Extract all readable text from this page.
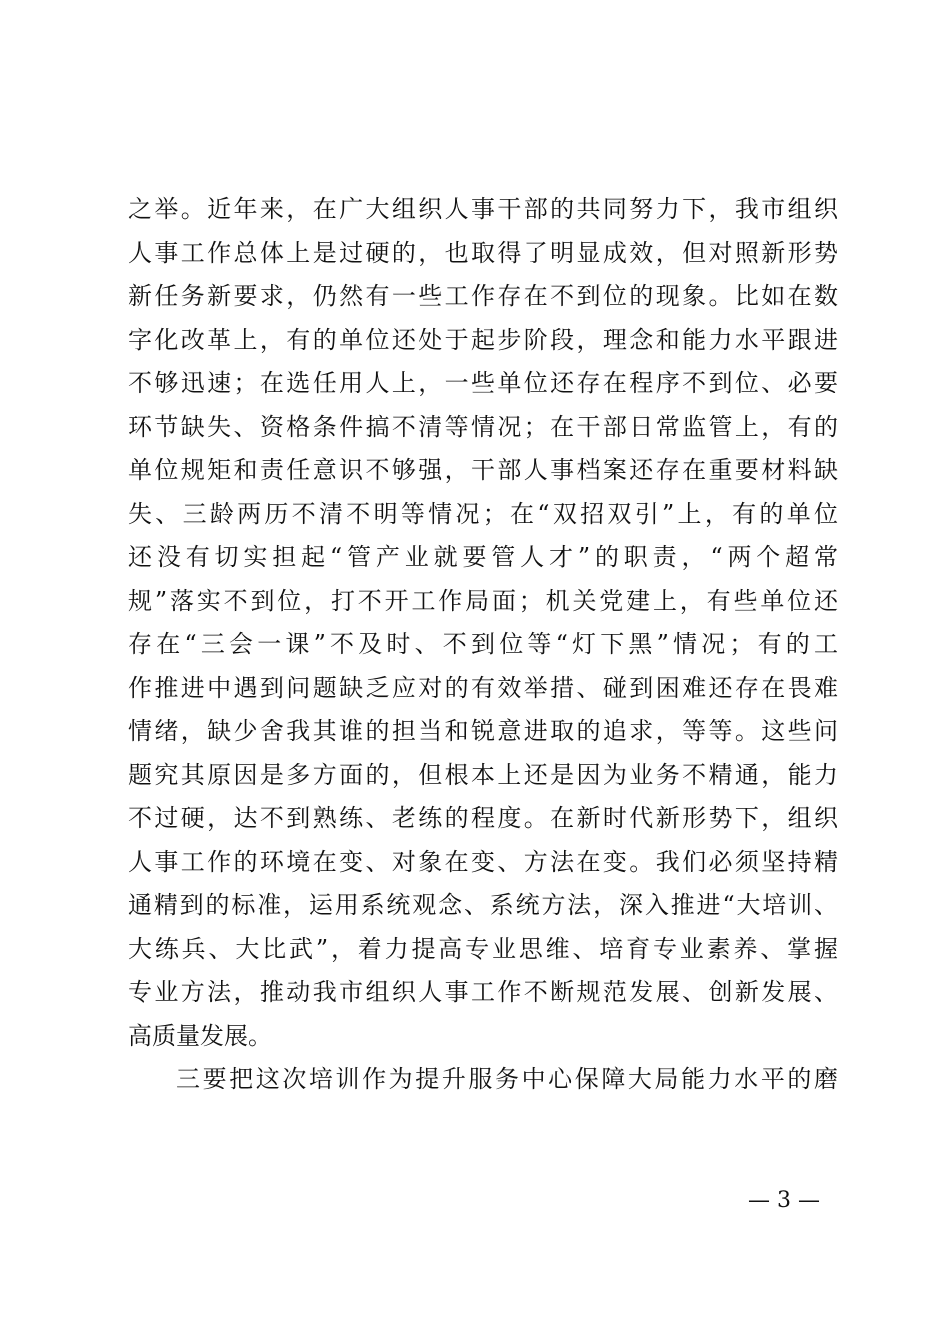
之举。近年来，在广大组织人事干部的共同努力下，我市组织
人事工作总体上是过硬的，也取得了明显成效，但对照新形势
新任务新要求，仍然有一些工作存在不到位的现象。比如在数
字化改革上，有的单位还处于起步阶段，理念和能力水平跟进
不够迅速；在选任用人上，一些单位还存在程序不到位、必要
环节缺失、资格条件搞不清等情况；在干部日常监管上，有的
单位规矩和责任意识不够强，干部人事档案还存在重要材料缺
失、三龄两历不清不明等情况；在“双招双引”上，有的单位
还没有切实担起“管产业就要管人才”的职责，“两个超常
规”落实不到位，打不开工作局面；机关党建上，有些单位还
存在“三会一课”不及时、不到位等“灯下黑”情况；有的工
作推进中遇到问题缺乏应对的有效举措、碰到困难还存在畏难
情绪，缺少舍我其谁的担当和锐意进取的追求，等等。这些问
题究其原因是多方面的，但根本上还是因为业务不精通，能力
不过硬，达不到熟练、老练的程度。在新时代新形势下，组织
人事工作的环境在变、对象在变、方法在变。我们必须坚持精
通精到的标准，运用系统观念、系统方法，深入推进“大培训、
大练兵、大比武”，着力提高专业思维、培育专业素养、掌握
专业方法，推动我市组织人事工作不断规范发展、创新发展、
高质量发展。
三要把这次培训作为提升服务中心保障大局能力水平的磨
— 3 —
